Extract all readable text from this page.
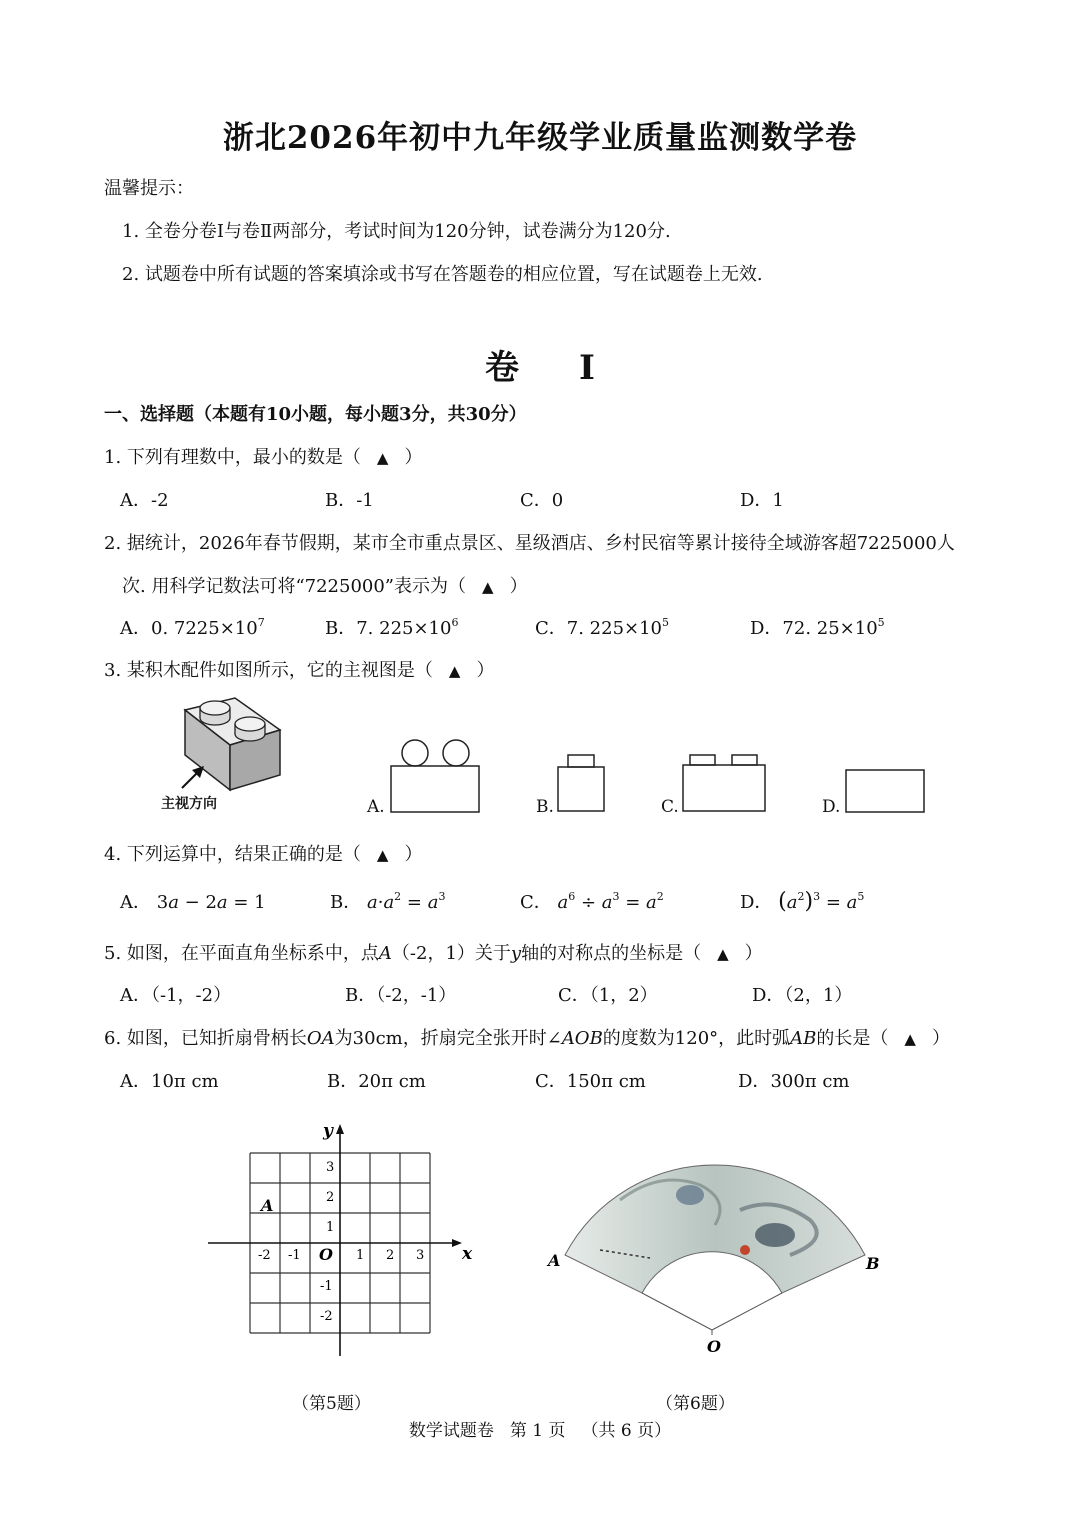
浙北2026年初中九年级学业质量监测数学卷
温馨提示：
1. 全卷分卷Ⅰ与卷Ⅱ两部分，考试时间为120分钟，试卷满分为120分.
2. 试题卷中所有试题的答案填涂或书写在答题卷的相应位置，写在试题卷上无效.
卷 I
一、选择题（本题有10小题，每小题3分，共30分）
1. 下列有理数中，最小的数是（ ▲ ）
A．-2	B．-1	C．0	D．1
2. 据统计，2026年春节假期，某市全市重点景区、星级酒店、乡村民宿等累计接待全域游客超7225000人
次. 用科学记数法可将“7225000”表示为（ ▲ ）
A．0. $7225\times 10^7$	B．7. $225\times 10^6$	C．7. $225\times 10^5$	D．72. $25\times 10^5$
3. 某积木配件如图所示，它的主视图是（ ▲ ）
主视方向	A.	B.	C.	D.
4. 下列运算中，结果正确的是（ ▲ ）
A． 3a − 2a = 1	B． $a\cdot a^2 = a^3$	C． $a^6 \div a^3 = a^2$	D． $(a^2)^3 = a^5$
5. 如图，在平面直角坐标系中，点A（-2，1）关于y轴的对称点的坐标是（ ▲ ）
A．（-1，-2）	B．（-2，-1）	C．（1，2）	D．（2，1）
6. 如图，已知折扇骨柄长OA为30cm，折扇完全张开时∠AOB的度数为120°，此时弧AB的长是（ ▲ ）
A．10π cm	B．20π cm	C．150π cm	D．300π cm
x
y
O
A
-2 -1	1 2 3
3
2
1
-1
-2
（第5题）
A	B
O
（第6题）
数学试题卷 第 1 页 （共 6 页）
